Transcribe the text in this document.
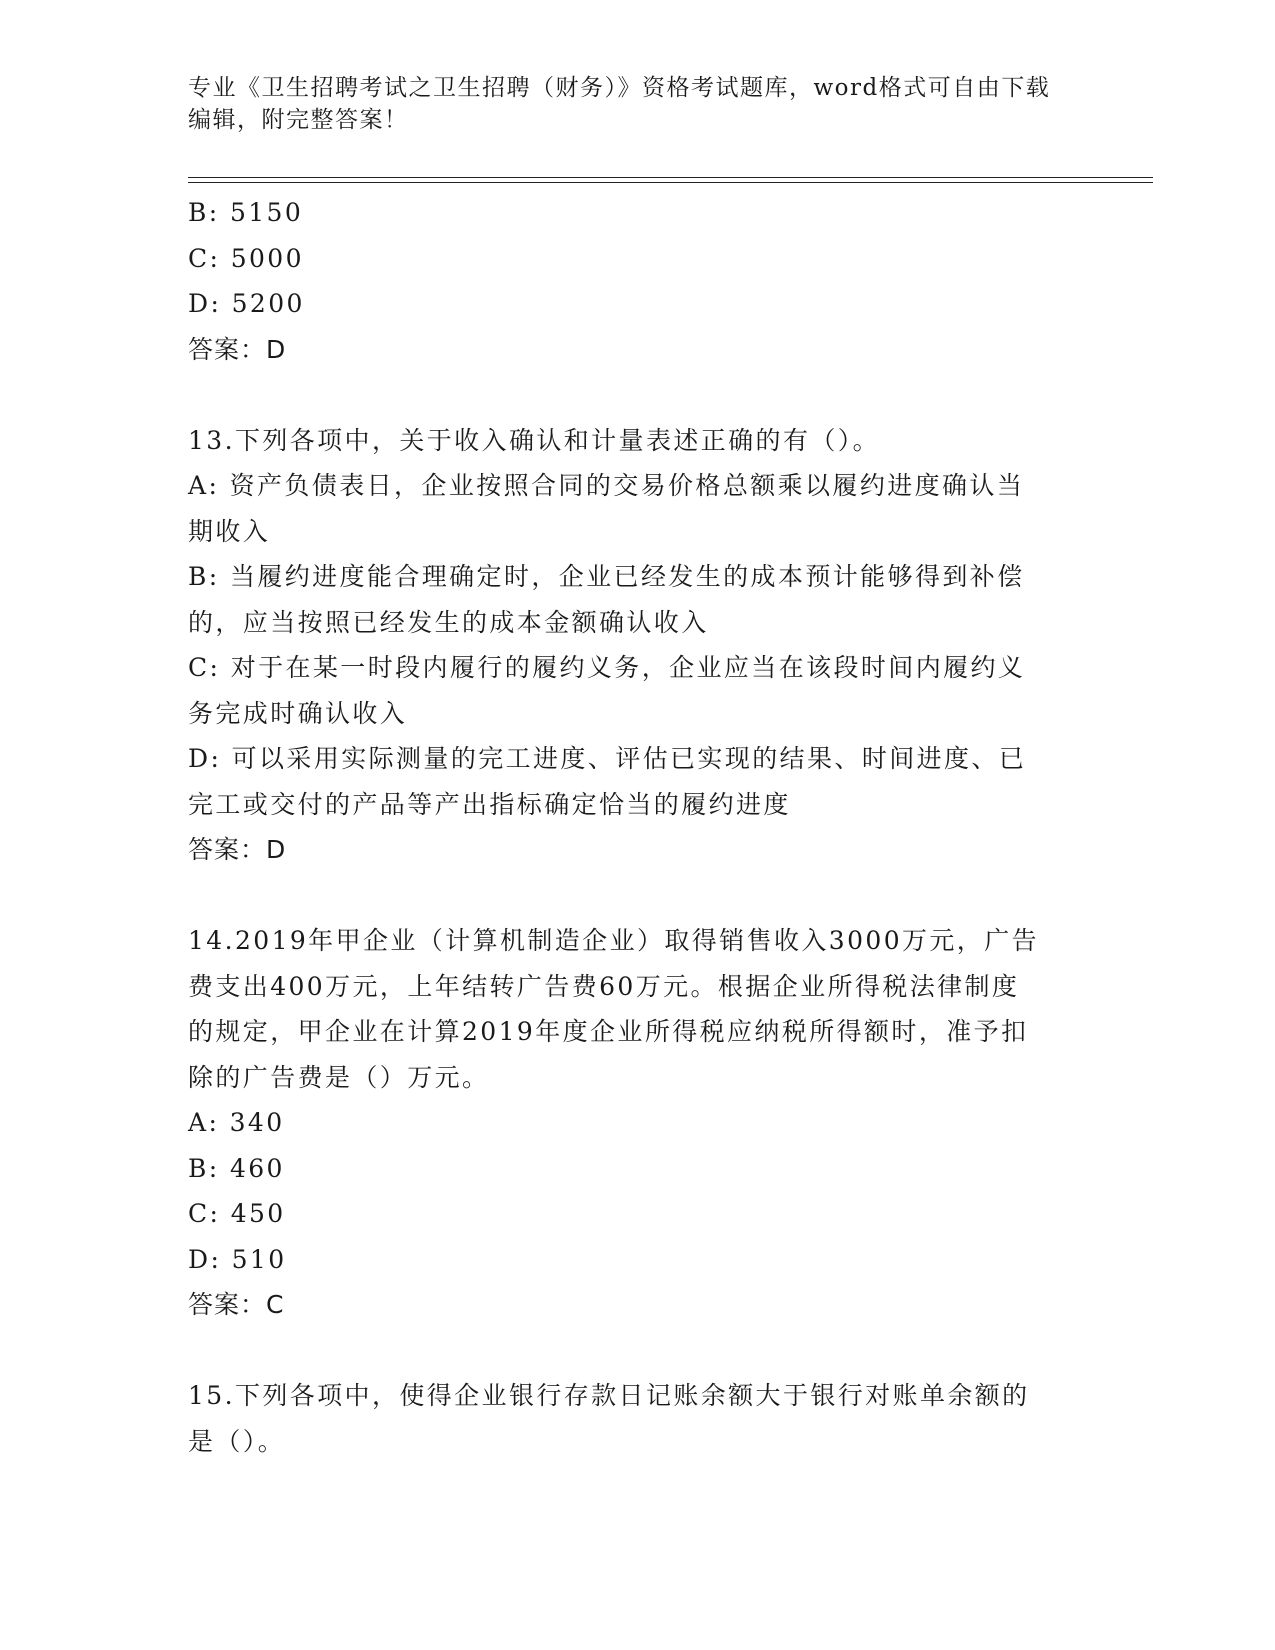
专业《卫生招聘考试之卫生招聘（财务）》资格考试题库，word格式可自由下载
编辑，附完整答案！
B: 5150
C: 5000
D: 5200
答案：D
13.下列各项中，关于收入确认和计量表述正确的有（）。
A: 资产负债表日，企业按照合同的交易价格总额乘以履约进度确认当
期收入
B: 当履约进度能合理确定时，企业已经发生的成本预计能够得到补偿
的，应当按照已经发生的成本金额确认收入
C: 对于在某一时段内履行的履约义务，企业应当在该段时间内履约义
务完成时确认收入
D: 可以采用实际测量的完工进度、评估已实现的结果、时间进度、已
完工或交付的产品等产出指标确定恰当的履约进度
答案：D
14.2019年甲企业（计算机制造企业）取得销售收入3000万元，广告
费支出400万元，上年结转广告费60万元。根据企业所得税法律制度
的规定，甲企业在计算2019年度企业所得税应纳税所得额时，准予扣
除的广告费是（）万元。
A: 340
B: 460
C: 450
D: 510
答案：C
15.下列各项中，使得企业银行存款日记账余额大于银行对账单余额的
是（）。
